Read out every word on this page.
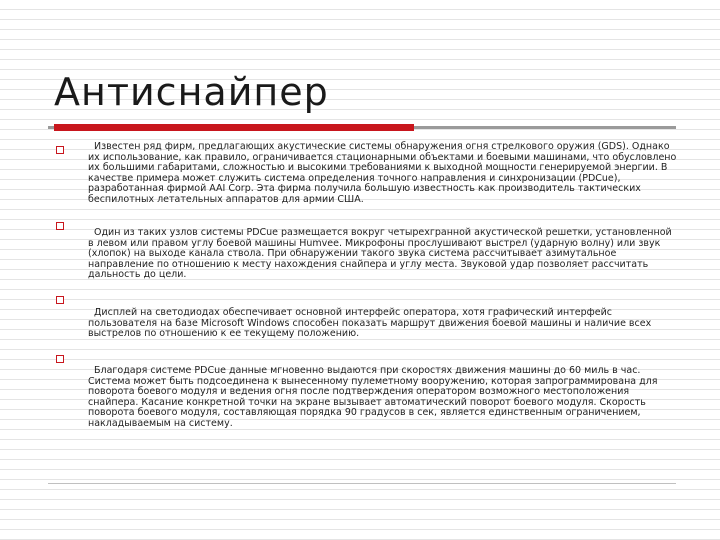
Антиснайпер

Известен ряд фирм, предлагающих акустические системы обнаружения огня стрелкового оружия (GDS). Однако их использование, как правило, ограничивается стационарными объектами и боевыми машинами, что обусловлено их большими габаритами, сложностью и высокими требованиями к выходной мощности генерируемой энергии. В качестве примера может служить система определения точного направления и синхронизации (PDCue), разработанная фирмой AAI Corp. Эта фирма получила большую известность как производитель тактических беспилотных летательных аппаратов для армии США.

Один из таких узлов системы PDCue размещается вокруг четырехгранной акустической решетки, установленной в левом или правом углу боевой машины Humvee. Микрофоны прослушивают выстрел (ударную волну) или звук (хлопок) на выходе канала ствола. При обнаружении такого звука система рассчитывает азимутальное направление по отношению к месту нахождения снайпера и углу места. Звуковой удар позволяет рассчитать дальность до цели.

Дисплей на светодиодах обеспечивает основной интерфейс оператора, хотя графический интерфейс пользователя на базе Microsoft Windows способен показать маршрут движения боевой машины и наличие всех выстрелов по отношению к ее текущему положению.

Благодаря системе PDCue данные мгновенно выдаются при скоростях движения машины до 60 миль в час. Система может быть подсоединена к вынесенному пулеметному вооружению, которая запрограммирована для поворота боевого модуля и ведения огня после подтверждения оператором возможного местоположения снайпера. Касание конкретной точки на экране вызывает автоматический поворот боевого модуля. Скорость поворота боевого модуля, составляющая порядка 90 градусов в сек, является единственным ограничением, накладываемым на систему.
